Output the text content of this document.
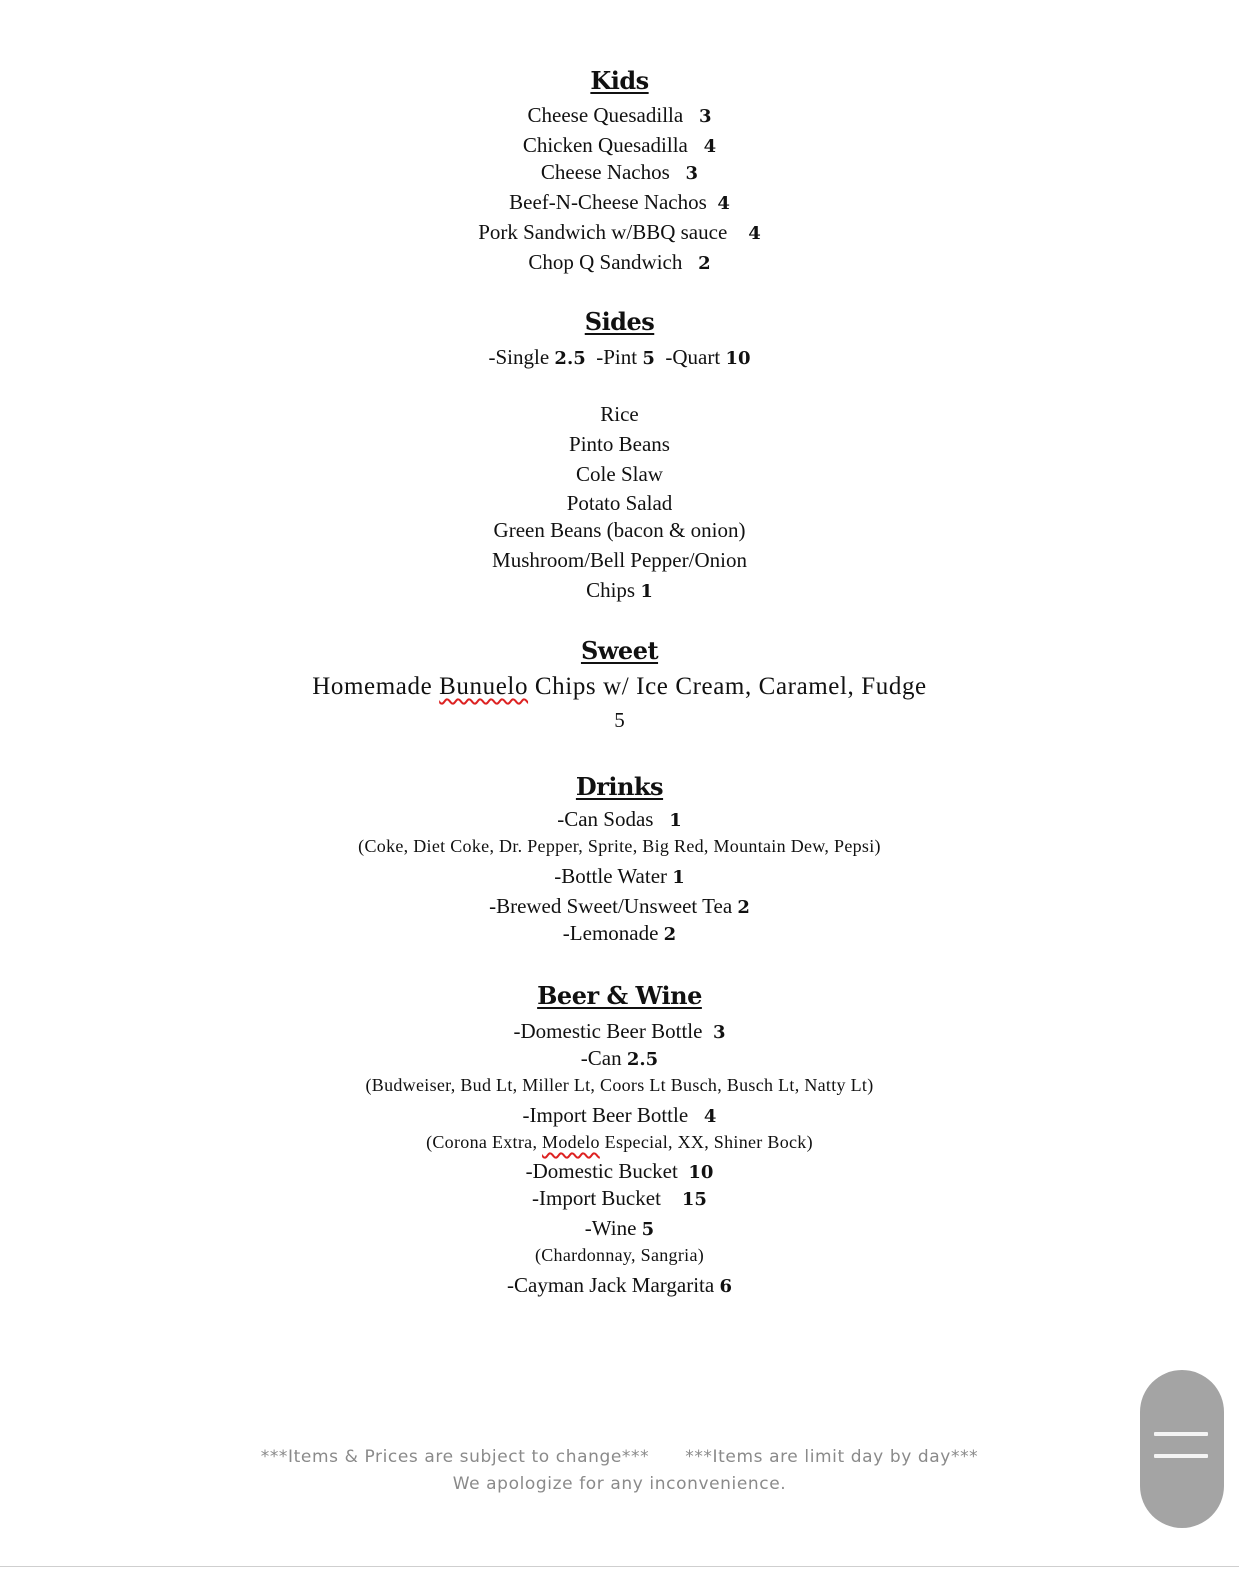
Kids
Cheese Quesadilla 3
Chicken Quesadilla 4
Cheese Nachos 3
Beef-N-Cheese Nachos 4
Pork Sandwich w/BBQ sauce 4
Chop Q Sandwich 2
Sides
-Single 2.5 -Pint 5 -Quart 10
Rice
Pinto Beans
Cole Slaw
Potato Salad
Green Beans (bacon & onion)
Mushroom/Bell Pepper/Onion
Chips 1
Sweet
Homemade Bunuelo Chips w/ Ice Cream, Caramel, Fudge
5
Drinks
-Can Sodas 1
(Coke, Diet Coke, Dr. Pepper, Sprite, Big Red, Mountain Dew, Pepsi)
-Bottle Water 1
-Brewed Sweet/Unsweet Tea 2
-Lemonade 2
Beer & Wine
-Domestic Beer Bottle 3
-Can 2.5
(Budweiser, Bud Lt, Miller Lt, Coors Lt Busch, Busch Lt, Natty Lt)
-Import Beer Bottle 4
(Corona Extra, Modelo Especial, XX, Shiner Bock)
-Domestic Bucket 10
-Import Bucket 15
-Wine 5
(Chardonnay, Sangria)
-Cayman Jack Margarita 6
***Items & Prices are subject to change*** ***Items are limit day by day***
We apologize for any inconvenience.
